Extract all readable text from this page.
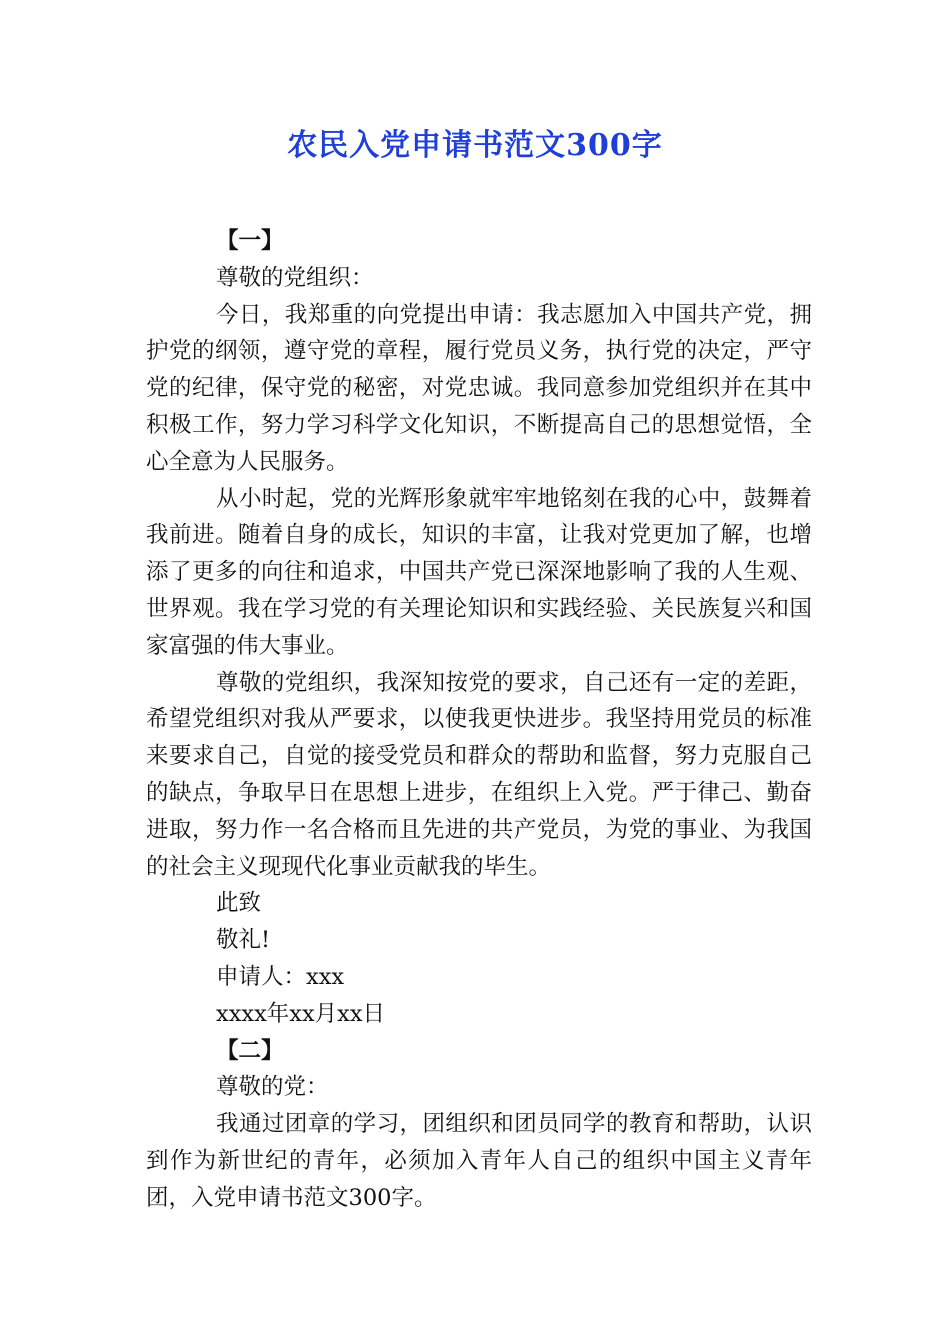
农民入党申请书范文300字

【一】

尊敬的党组织：

今日，我郑重的向党提出申请：我志愿加入中国共产党，拥护党的纲领，遵守党的章程，履行党员义务，执行党的决定，严守党的纪律，保守党的秘密，对党忠诚。我同意参加党组织并在其中积极工作，努力学习科学文化知识，不断提高自己的思想觉悟，全心全意为人民服务。

从小时起，党的光辉形象就牢牢地铭刻在我的心中，鼓舞着我前进。随着自身的成长，知识的丰富，让我对党更加了解，也增添了更多的向往和追求，中国共产党已深深地影响了我的人生观、世界观。我在学习党的有关理论知识和实践经验、关民族复兴和国家富强的伟大事业。

尊敬的党组织，我深知按党的要求，自己还有一定的差距，希望党组织对我从严要求，以使我更快进步。我坚持用党员的标准来要求自己，自觉的接受党员和群众的帮助和监督，努力克服自己的缺点，争取早日在思想上进步，在组织上入党。严于律己、勤奋进取，努力作一名合格而且先进的共产党员，为党的事业、为我国的社会主义现现代化事业贡献我的毕生。

此致

敬礼!

申请人：xxx

xxxx年xx月xx日

【二】

尊敬的党：

我通过团章的学习，团组织和团员同学的教育和帮助，认识到作为新世纪的青年，必须加入青年人自己的组织中国主义青年团，入党申请书范文300字。
